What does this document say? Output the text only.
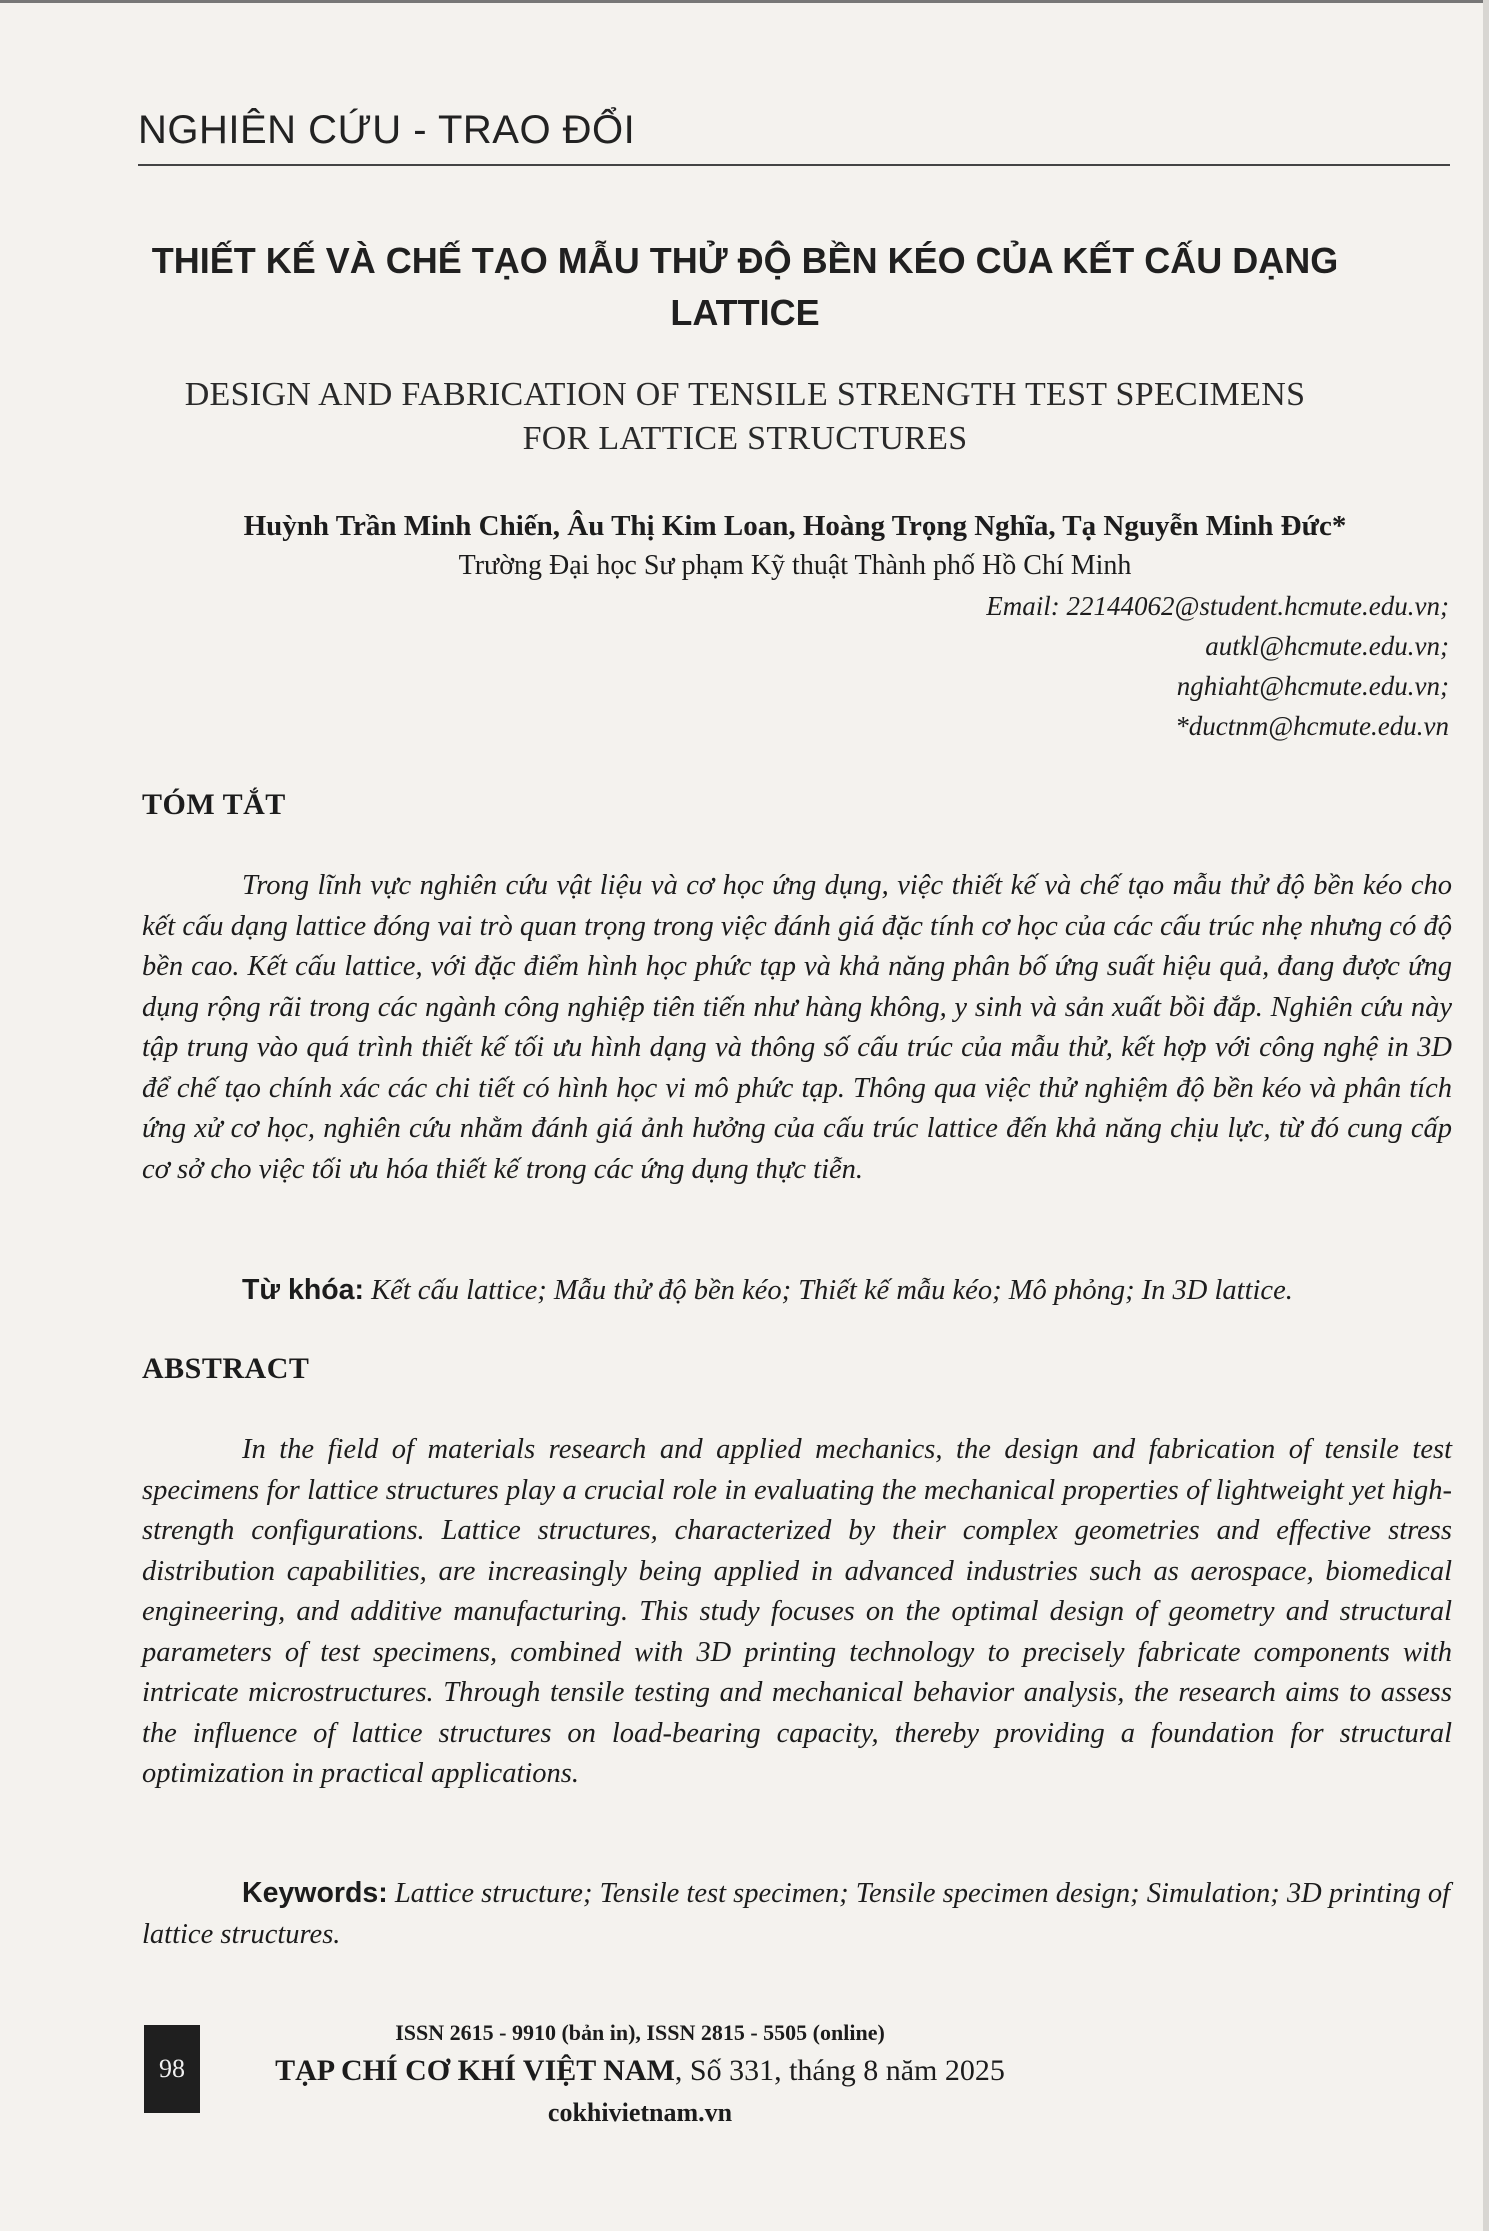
NGHIÊN CỨU - TRAO ĐỔI
THIẾT KẾ VÀ CHẾ TẠO MẪU THỬ ĐỘ BỀN KÉO CỦA KẾT CẤU DẠNG LATTICE
DESIGN AND FABRICATION OF TENSILE STRENGTH TEST SPECIMENS FOR LATTICE STRUCTURES
Huỳnh Trần Minh Chiến, Âu Thị Kim Loan, Hoàng Trọng Nghĩa, Tạ Nguyễn Minh Đức*
Trường Đại học Sư phạm Kỹ thuật Thành phố Hồ Chí Minh
Email: 22144062@student.hcmute.edu.vn;
autkl@hcmute.edu.vn;
nghiaht@hcmute.edu.vn;
*ductnm@hcmute.edu.vn
TÓM TẮT
Trong lĩnh vực nghiên cứu vật liệu và cơ học ứng dụng, việc thiết kế và chế tạo mẫu thử độ bền kéo cho kết cấu dạng lattice đóng vai trò quan trọng trong việc đánh giá đặc tính cơ học của các cấu trúc nhẹ nhưng có độ bền cao. Kết cấu lattice, với đặc điểm hình học phức tạp và khả năng phân bố ứng suất hiệu quả, đang được ứng dụng rộng rãi trong các ngành công nghiệp tiên tiến như hàng không, y sinh và sản xuất bồi đắp. Nghiên cứu này tập trung vào quá trình thiết kế tối ưu hình dạng và thông số cấu trúc của mẫu thử, kết hợp với công nghệ in 3D để chế tạo chính xác các chi tiết có hình học vi mô phức tạp. Thông qua việc thử nghiệm độ bền kéo và phân tích ứng xử cơ học, nghiên cứu nhằm đánh giá ảnh hưởng của cấu trúc lattice đến khả năng chịu lực, từ đó cung cấp cơ sở cho việc tối ưu hóa thiết kế trong các ứng dụng thực tiễn.
Từ khóa: Kết cấu lattice; Mẫu thử độ bền kéo; Thiết kế mẫu kéo; Mô phỏng; In 3D lattice.
ABSTRACT
In the field of materials research and applied mechanics, the design and fabrication of tensile test specimens for lattice structures play a crucial role in evaluating the mechanical properties of lightweight yet high-strength configurations. Lattice structures, characterized by their complex geometries and effective stress distribution capabilities, are increasingly being applied in advanced industries such as aerospace, biomedical engineering, and additive manufacturing. This study focuses on the optimal design of geometry and structural parameters of test specimens, combined with 3D printing technology to precisely fabricate components with intricate microstructures. Through tensile testing and mechanical behavior analysis, the research aims to assess the influence of lattice structures on load-bearing capacity, thereby providing a foundation for structural optimization in practical applications.
Keywords: Lattice structure; Tensile test specimen; Tensile specimen design; Simulation; 3D printing of lattice structures.
98
ISSN 2615 - 9910 (bản in), ISSN 2815 - 5505 (online)
TẠP CHÍ CƠ KHÍ VIỆT NAM, Số 331, tháng 8 năm 2025
cokhivietnam.vn
